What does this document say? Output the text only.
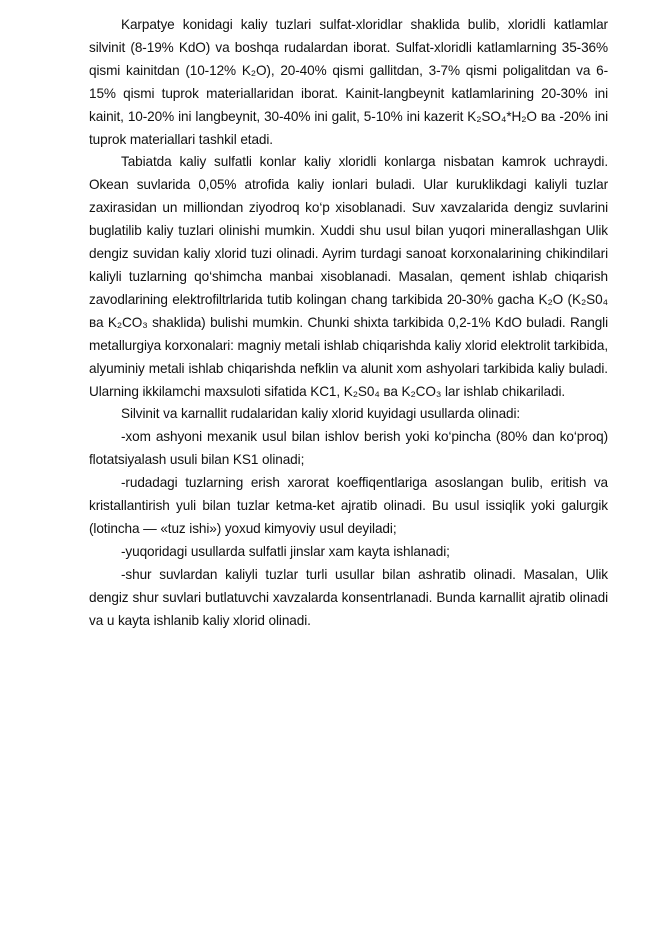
Karpatye konidagi kaliy tuzlari sulfat-xloridlar shaklida bulib, xloridli katlamlar silvinit (8-19% KdO) va boshqa rudalardan iborat. Sulfat-xloridli katlamlarning 35-36% qismi kainitdan (10-12% K₂O), 20-40% qismi gallitdan, 3-7% qismi poligalitdan va 6-15% qismi tuprok materiallaridan iborat. Kainit-langbeynit katlamlarining 20-30% ini kainit, 10-20% ini langbeynit, 30-40% ini galit, 5-10% ini kazerit K₂SO₄*H₂O ва -20% ini tuprok materiallari tashkil etadi.

Tabiatda kaliy sulfatli konlar kaliy xloridli konlarga nisbatan kamrok uchraydi. Okean suvlarida 0,05% atrofida kaliy ionlari buladi. Ular kuruklikdagi kaliyli tuzlar zaxirasidan un milliondan ziyodroq ko‘p xisoblanadi. Suv xavzalarida dengiz suvlarini buglatilib kaliy tuzlari olinishi mumkin. Xuddi shu usul bilan yuqori minerallashgan Ulik dengiz suvidan kaliy xlorid tuzi olinadi. Ayrim turdagi sanoat korxonalarining chikindilari kaliyli tuzlarning qo‘shimcha manbai xisoblanadi. Masalan, qement ishlab chiqarish zavodlarining elektrofiltrlarida tutib kolingan chang tarkibida 20-30% gacha K₂O (K₂S0₄ ва K₂CO₃ shaklida) bulishi mumkin. Chunki shixta tarkibida 0,2-1% KdO buladi. Rangli metallurgiya korxonalari: magniy metali ishlab chiqarishda kaliy xlorid elektrolit tarkibida, alyuminiy metali ishlab chiqarishda nefklin va alunit xom ashyolari tarkibida kaliy buladi. Ularning ikkilamchi maxsuloti sifatida KC1, K₂S0₄ ва K₂CO₃ lar ishlab chikariladi.

Silvinit va karnallit rudalaridan kaliy xlorid kuyidagi usullarda olinadi:

-xom ashyoni mexanik usul bilan ishlov berish yoki ko‘pincha (80% dan ko‘proq) flotatsiyalash usuli bilan KS1 olinadi;

-rudadagi tuzlarning erish xarorat koeffiqentlariga asoslangan bulib, eritish va kristallantirish yuli bilan tuzlar ketma-ket ajratib olinadi. Bu usul issiqlik yoki galurgik (lotincha — «tuz ishi») yoxud kimyoviy usul deyiladi;

-yuqoridagi usullarda sulfatli jinslar xam kayta ishlanadi;

-shur suvlardan kaliyli tuzlar turli usullar bilan ashratib olinadi. Masalan, Ulik dengiz shur suvlari butlatuvchi xavzalarda konsentrlanadi. Bunda karnallit ajratib olinadi va u kayta ishlanib kaliy xlorid olinadi.
